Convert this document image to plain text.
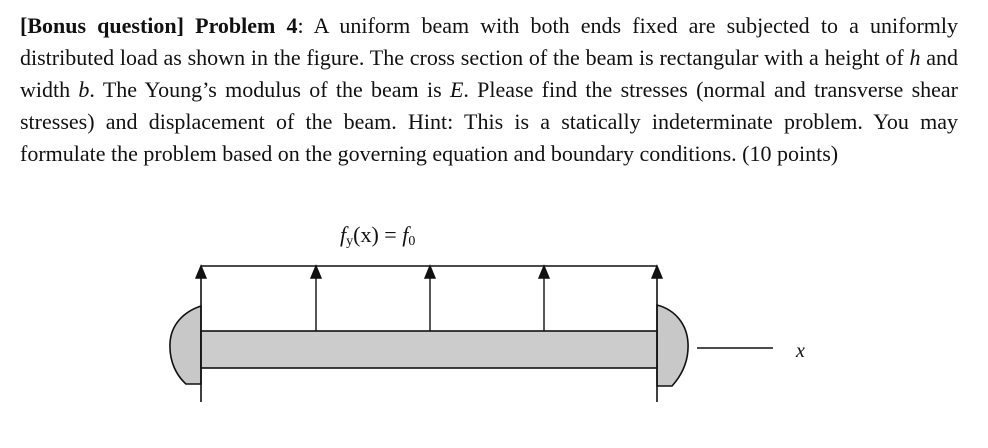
[Bonus question] Problem 4: A uniform beam with both ends fixed are subjected to a uniformly distributed load as shown in the figure. The cross section of the beam is rectangular with a height of h and width b. The Young’s modulus of the beam is E. Please find the stresses (normal and transverse shear stresses) and displacement of the beam. Hint: This is a statically indeterminate problem. You may formulate the problem based on the governing equation and boundary conditions. (10 points)
$f_y(x) = f_0$
x
